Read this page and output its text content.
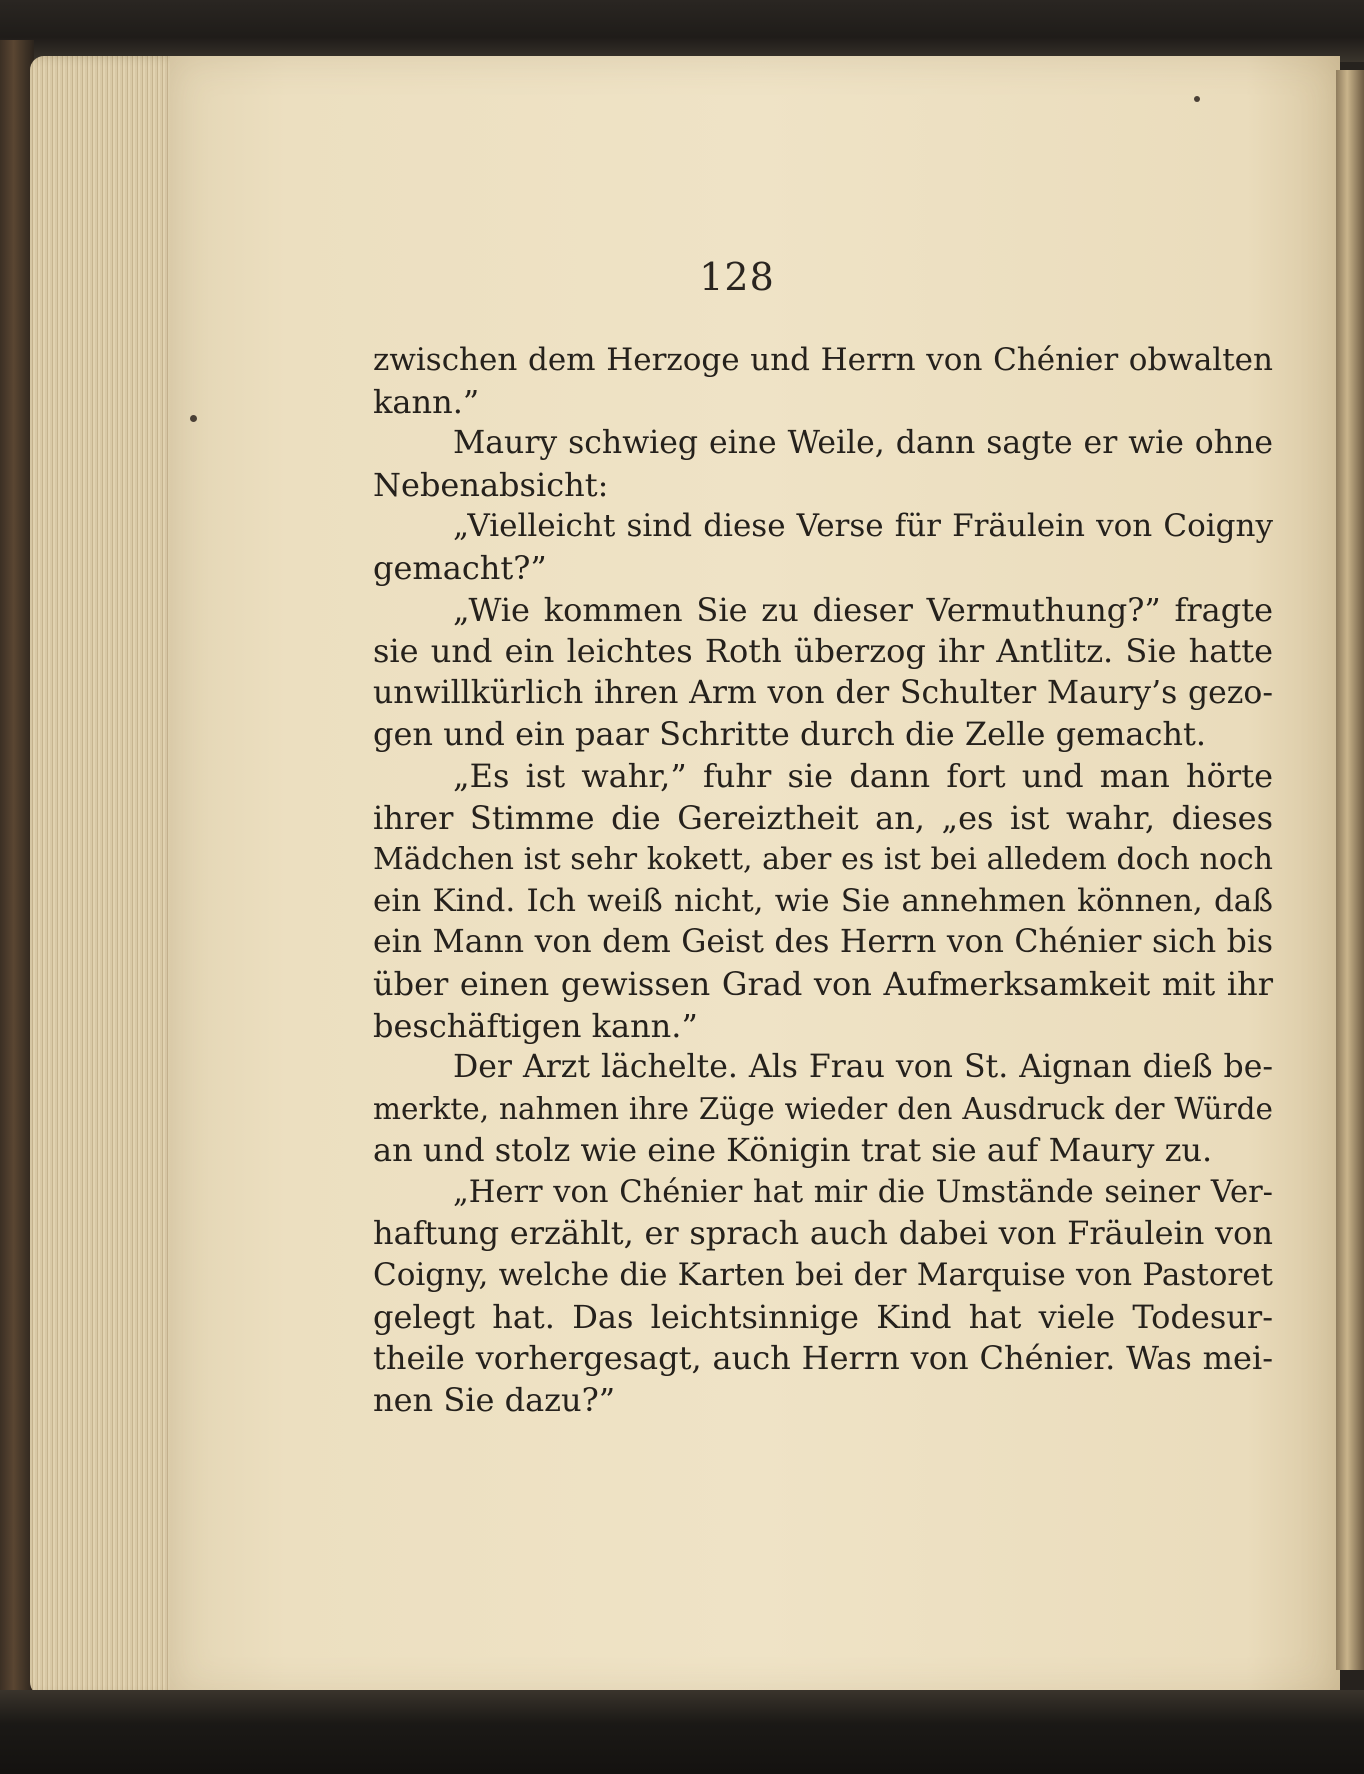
128
zwischen dem Herzoge und Herrn von Chénier obwalten
kann.”
Maury schwieg eine Weile, dann sagte er wie ohne
Nebenabsicht:
„Vielleicht sind diese Verse für Fräulein von Coigny
gemacht?”
„Wie kommen Sie zu dieser Vermuthung?” fragte
sie und ein leichtes Roth überzog ihr Antlitz. Sie hatte
unwillkürlich ihren Arm von der Schulter Maury’s gezo-
gen und ein paar Schritte durch die Zelle gemacht.
„Es ist wahr,” fuhr sie dann fort und man hörte
ihrer Stimme die Gereiztheit an, „es ist wahr, dieses
Mädchen ist sehr kokett, aber es ist bei alledem doch noch
ein Kind. Ich weiß nicht, wie Sie annehmen können, daß
ein Mann von dem Geist des Herrn von Chénier sich bis
über einen gewissen Grad von Aufmerksamkeit mit ihr
beschäftigen kann.”
Der Arzt lächelte. Als Frau von St. Aignan dieß be-
merkte, nahmen ihre Züge wieder den Ausdruck der Würde
an und stolz wie eine Königin trat sie auf Maury zu.
„Herr von Chénier hat mir die Umstände seiner Ver-
haftung erzählt, er sprach auch dabei von Fräulein von
Coigny, welche die Karten bei der Marquise von Pastoret
gelegt hat. Das leichtsinnige Kind hat viele Todesur-
theile vorhergesagt, auch Herrn von Chénier. Was mei-
nen Sie dazu?”
